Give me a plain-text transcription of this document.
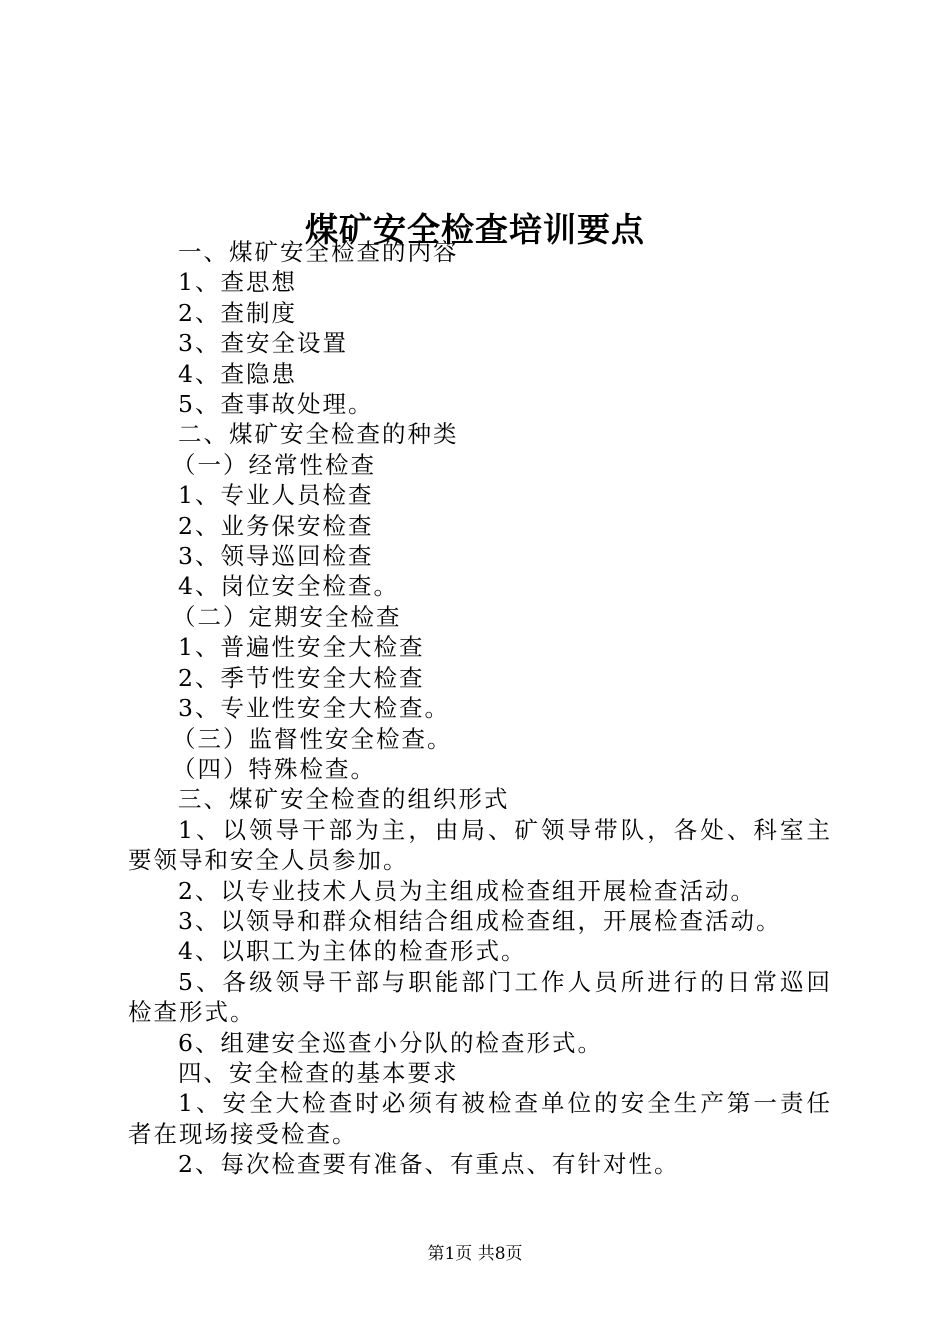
煤矿安全检查培训要点

一、煤矿安全检查的内容

1、查思想

2、查制度

3、查安全设置

4、查隐患

5、查事故处理。

二、煤矿安全检查的种类

（一）经常性检查

1、专业人员检查

2、业务保安检查

3、领导巡回检查

4、岗位安全检查。

（二）定期安全检查

1、普遍性安全大检查

2、季节性安全大检查

3、专业性安全大检查。

（三）监督性安全检查。

（四）特殊检查。

三、煤矿安全检查的组织形式

1、以领导干部为主，由局、矿领导带队，各处、科室主要领导和安全人员参加。

2、以专业技术人员为主组成检查组开展检查活动。

3、以领导和群众相结合组成检查组，开展检查活动。

4、以职工为主体的检查形式。

5、各级领导干部与职能部门工作人员所进行的日常巡回检查形式。

6、组建安全巡查小分队的检查形式。

四、安全检查的基本要求

1、安全大检查时必须有被检查单位的安全生产第一责任者在现场接受检查。

2、每次检查要有准备、有重点、有针对性。

第1页 共8页
